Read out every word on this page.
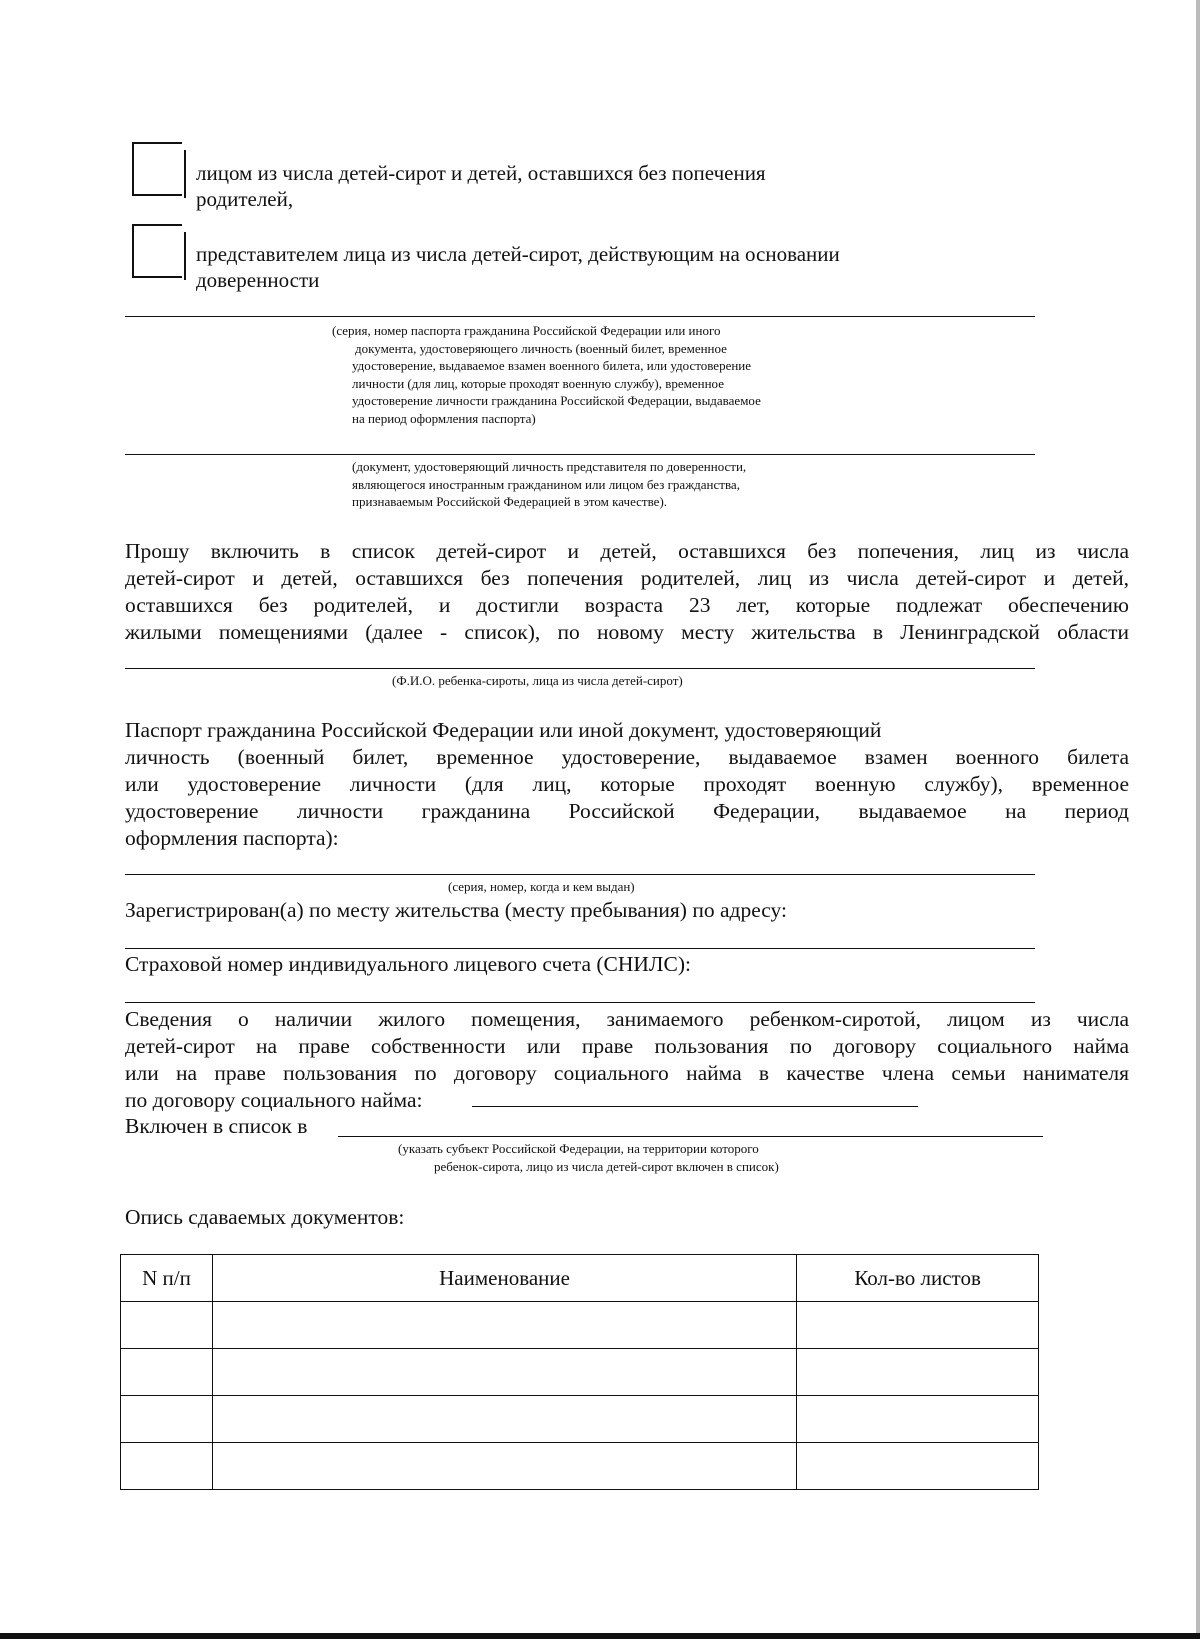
лицом из числа детей-сирот и детей, оставшихся без попечения
родителей,
представителем лица из числа детей-сирот, действующим на основании
доверенности
(серия, номер паспорта гражданина Российской Федерации или иного
документа, удостоверяющего личность (военный билет, временное
удостоверение, выдаваемое взамен военного билета, или удостоверение
личности (для лиц, которые проходят военную службу), временное
удостоверение личности гражданина Российской Федерации, выдаваемое
на период оформления паспорта)
(документ, удостоверяющий личность представителя по доверенности,
являющегося иностранным гражданином или лицом без гражданства,
признаваемым Российской Федерацией в этом качестве).
Прошу включить в список детей-сирот и детей, оставшихся без попечения, лиц из числа
детей-сирот и детей, оставшихся без попечения родителей, лиц из числа детей-сирот и детей,
оставшихся без родителей, и достигли возраста 23 лет, которые подлежат обеспечению
жилыми помещениями (далее - список), по новому месту жительства в Ленинградской области
(Ф.И.О. ребенка-сироты, лица из числа детей-сирот)
Паспорт гражданина Российской Федерации или иной документ, удостоверяющий
личность (военный билет, временное удостоверение, выдаваемое взамен военного билета
или удостоверение личности (для лиц, которые проходят военную службу), временное
удостоверение личности гражданина Российской Федерации, выдаваемое на период
оформления паспорта):
(серия, номер, когда и кем выдан)
Зарегистрирован(а) по месту жительства (месту пребывания) по адресу:
Страховой номер индивидуального лицевого счета (СНИЛС):
Сведения о наличии жилого помещения, занимаемого ребенком-сиротой, лицом из числа
детей-сирот на праве собственности или праве пользования по договору социального найма
или на праве пользования по договору социального найма в качестве члена семьи нанимателя
по договору социального найма:
Включен в список в
(указать субъект Российской Федерации, на территории которого
ребенок-сирота, лицо из числа детей-сирот включен в список)
Опись сдаваемых документов:
N п/п	Наименование	Кол-во листов
